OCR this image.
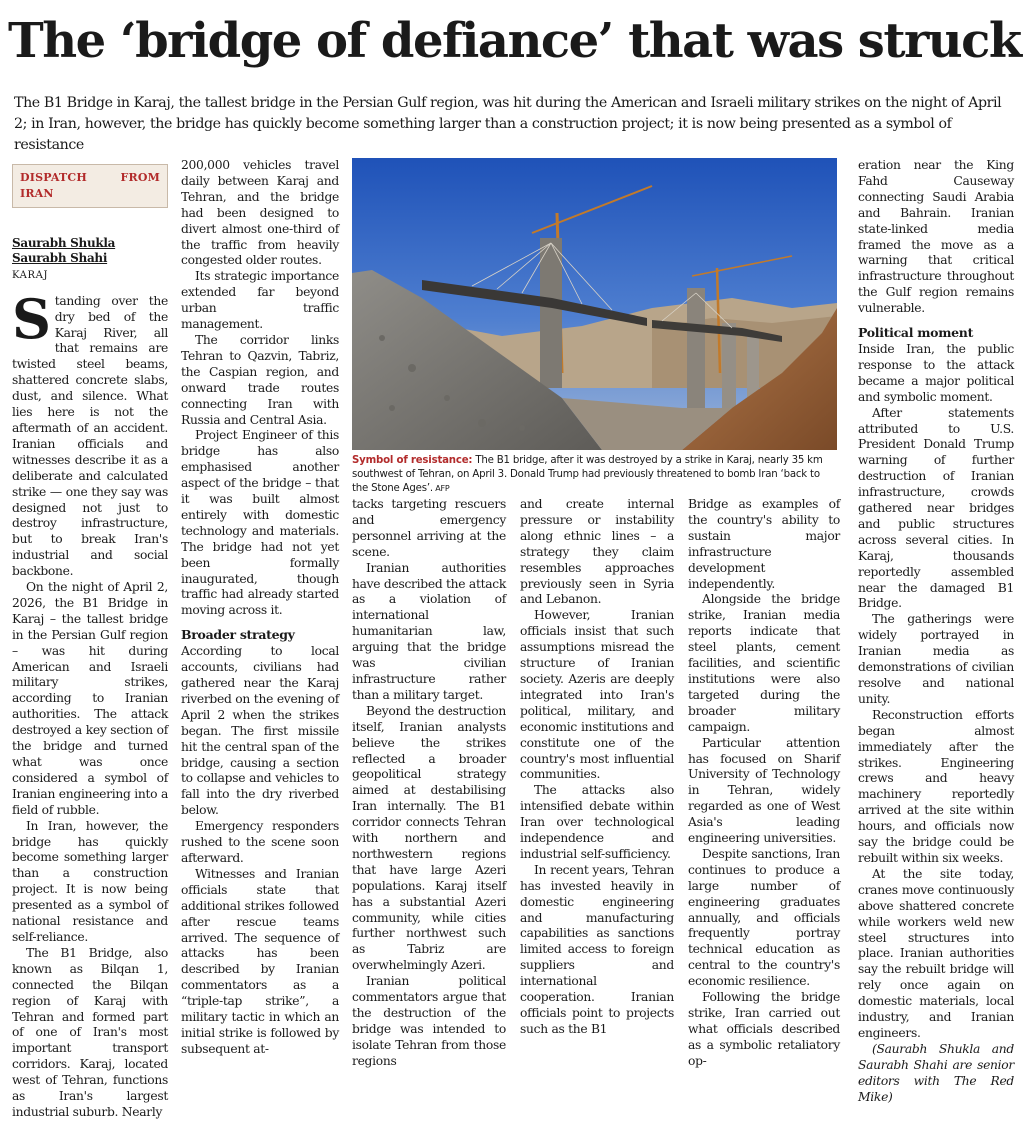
The ‘bridge of defiance’ that was struck
The B1 Bridge in Karaj, the tallest bridge in the Persian Gulf region, was hit during the American and Israeli military strikes on the night of April 2; in Iran, however, the bridge has quickly become something larger than a construction project; it is now being presented as a symbol of resistance
DISPATCH FROM IRAN
Saurabh Shukla
Saurabh Shahi
KARAJ

Standing over the dry bed of the Karaj River, all that remains are twisted steel beams, shattered concrete slabs, dust, and silence. What lies here is not the aftermath of an accident. Iranian officials and witnesses describe it as a deliberate and calculated strike — one they say was designed not just to destroy infrastructure, but to break Iran's industrial and social backbone.

On the night of April 2, 2026, the B1 Bridge in Karaj – the tallest bridge in the Persian Gulf region – was hit during American and Israeli military strikes, according to Iranian authorities. The attack destroyed a key section of the bridge and turned what was once considered a symbol of Iranian engineering into a field of rubble.

In Iran, however, the bridge has quickly become something larger than a construction project. It is now being presented as a symbol of national resistance and self-reliance.

The B1 Bridge, also known as Bilqan 1, connected the Bilqan region of Karaj with Tehran and formed part of one of Iran's most important transport corridors. Karaj, located west of Tehran, functions as Iran's largest industrial suburb. Nearly

200,000 vehicles travel daily between Karaj and Tehran, and the bridge had been designed to divert almost one-third of the traffic from heavily congested older routes.

Its strategic importance extended far beyond urban traffic management.

The corridor links Tehran to Qazvin, Tabriz, the Caspian region, and onward trade routes connecting Iran with Russia and Central Asia.

Project Engineer of this bridge has also emphasised another aspect of the bridge – that it was built almost entirely with domestic technology and materials. The bridge had not yet been formally inaugurated, though traffic had already started moving across it.

Broader strategy

According to local accounts, civilians had gathered near the Karaj riverbed on the evening of April 2 when the strikes began. The first missile hit the central span of the bridge, causing a section to collapse and vehicles to fall into the dry riverbed below.

Emergency responders rushed to the scene soon afterward.

Witnesses and Iranian officials state that additional strikes followed after rescue teams arrived. The sequence of attacks has been described by Iranian commentators as a “triple-tap strike”, a military tactic in which an initial strike is followed by subsequent at-

Symbol of resistance: The B1 bridge, after it was destroyed by a strike in Karaj, nearly 35 km southwest of Tehran, on April 3. Donald Trump had previously threatened to bomb Iran ‘back to the Stone Ages’. AFP

tacks targeting rescuers and emergency personnel arriving at the scene.

Iranian authorities have described the attack as a violation of international humanitarian law, arguing that the bridge was civilian infrastructure rather than a military target.

Beyond the destruction itself, Iranian analysts believe the strikes reflected a broader geopolitical strategy aimed at destabilising Iran internally. The B1 corridor connects Tehran with northern and northwestern regions that have large Azeri populations. Karaj itself has a substantial Azeri community, while cities further northwest such as Tabriz are overwhelmingly Azeri.

Iranian political commentators argue that the destruction of the bridge was intended to isolate Tehran from those regions

and create internal pressure or instability along ethnic lines – a strategy they claim resembles approaches previously seen in Syria and Lebanon.

However, Iranian officials insist that such assumptions misread the structure of Iranian society. Azeris are deeply integrated into Iran's political, military, and economic institutions and constitute one of the country's most influential communities.

The attacks also intensified debate within Iran over technological independence and industrial self-sufficiency.

In recent years, Tehran has invested heavily in domestic engineering and manufacturing capabilities as sanctions limited access to foreign suppliers and international cooperation. Iranian officials point to projects such as the B1

Bridge as examples of the country's ability to sustain major infrastructure development independently.

Alongside the bridge strike, Iranian media reports indicate that steel plants, cement facilities, and scientific institutions were also targeted during the broader military campaign.

Particular attention has focused on Sharif University of Technology in Tehran, widely regarded as one of West Asia's leading engineering universities.

Despite sanctions, Iran continues to produce a large number of engineering graduates annually, and officials frequently portray technical education as central to the country's economic resilience.

Following the bridge strike, Iran carried out what officials described as a symbolic retaliatory op-

eration near the King Fahd Causeway connecting Saudi Arabia and Bahrain. Iranian state-linked media framed the move as a warning that critical infrastructure throughout the Gulf region remains vulnerable.

Political moment

Inside Iran, the public response to the attack became a major political and symbolic moment.

After statements attributed to U.S. President Donald Trump warning of further destruction of Iranian infrastructure, crowds gathered near bridges and public structures across several cities. In Karaj, thousands reportedly assembled near the damaged B1 Bridge.

The gatherings were widely portrayed in Iranian media as demonstrations of civilian resolve and national unity.

Reconstruction efforts began almost immediately after the strikes. Engineering crews and heavy machinery reportedly arrived at the site within hours, and officials now say the bridge could be rebuilt within six weeks.

At the site today, cranes move continuously above shattered concrete while workers weld new steel structures into place. Iranian authorities say the rebuilt bridge will rely once again on domestic materials, local industry, and Iranian engineers.

(Saurabh Shukla and Saurabh Shahi are senior editors with The Red Mike)
